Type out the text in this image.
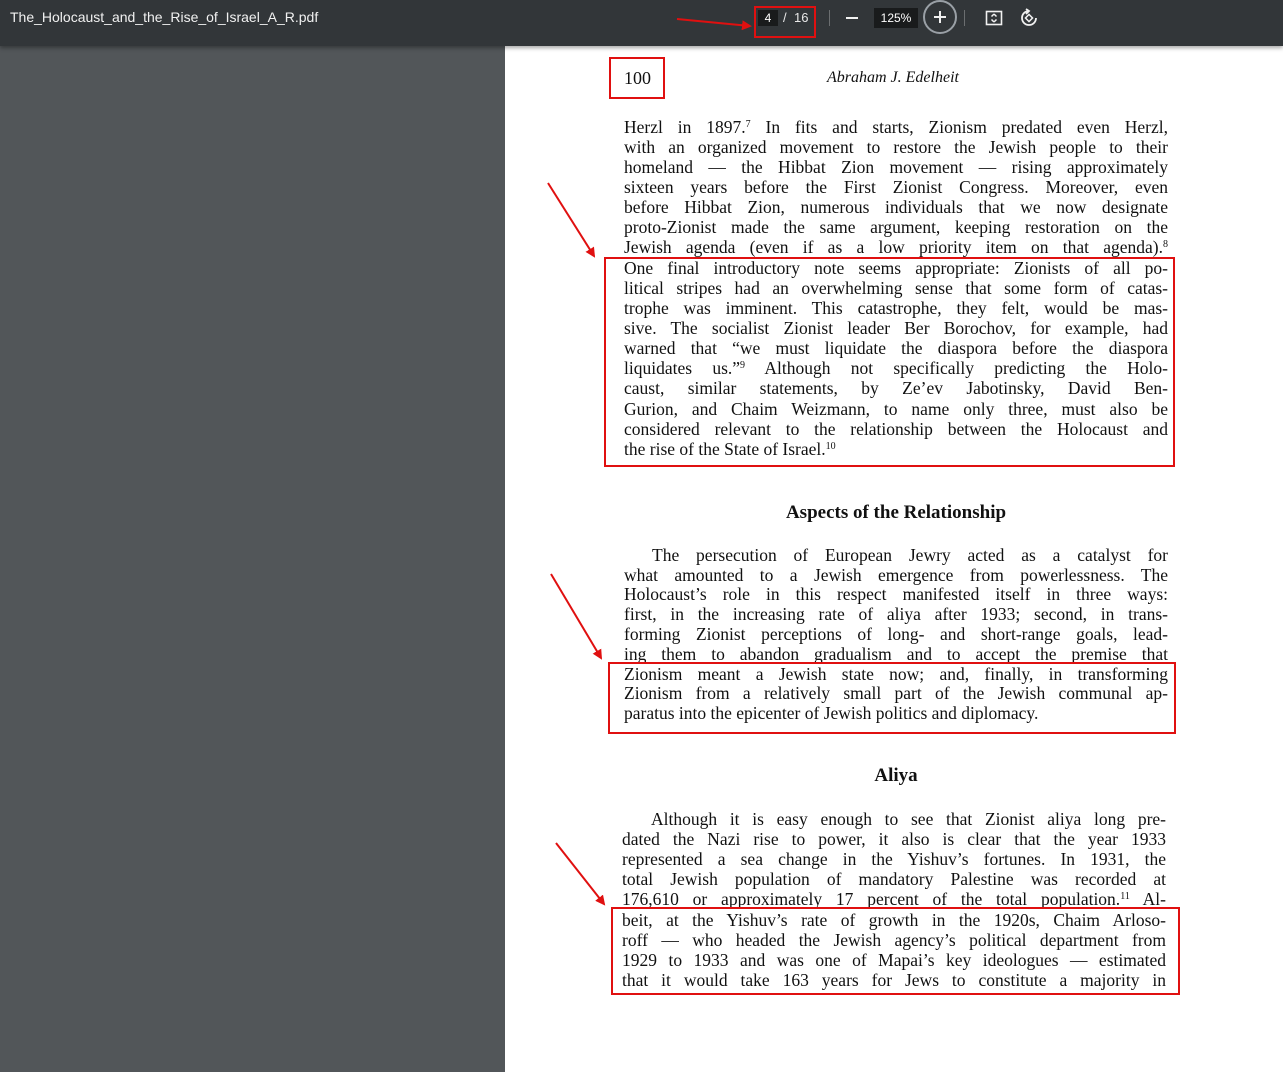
The_Holocaust_and_the_Rise_of_Israel_A_R.pdf	4 / 16	125%
100	Abraham J. Edelheit
Herzl in 1897.$^7$ In fits and starts, Zionism predated even Herzl,
with an organized movement to restore the Jewish people to their
homeland — the Hibbat Zion movement — rising approximately
sixteen years before the First Zionist Congress. Moreover, even
before Hibbat Zion, numerous individuals that we now designate
proto-Zionist made the same argument, keeping restoration on the
Jewish agenda (even if as a low priority item on that agenda).$^8$
One final introductory note seems appropriate: Zionists of all po-
litical stripes had an overwhelming sense that some form of catas-
trophe was imminent. This catastrophe, they felt, would be mas-
sive. The socialist Zionist leader Ber Borochov, for example, had
warned that “we must liquidate the diaspora before the diaspora
liquidates us.”$^9$ Although not specifically predicting the Holo-
caust, similar statements, by Ze’ev Jabotinsky, David Ben-
Gurion, and Chaim Weizmann, to name only three, must also be
considered relevant to the relationship between the Holocaust and
the rise of the State of Israel.$^{10}$
Aspects of the Relationship
The persecution of European Jewry acted as a catalyst for
what amounted to a Jewish emergence from powerlessness. The
Holocaust’s role in this respect manifested itself in three ways:
first, in the increasing rate of aliya after 1933; second, in trans-
forming Zionist perceptions of long- and short-range goals, lead-
ing them to abandon gradualism and to accept the premise that
Zionism meant a Jewish state now; and, finally, in transforming
Zionism from a relatively small part of the Jewish communal ap-
paratus into the epicenter of Jewish politics and diplomacy.
Aliya
Although it is easy enough to see that Zionist aliya long pre-
dated the Nazi rise to power, it also is clear that the year 1933
represented a sea change in the Yishuv’s fortunes. In 1931, the
total Jewish population of mandatory Palestine was recorded at
176,610 or approximately 17 percent of the total population.$^{11}$ Al-
beit, at the Yishuv’s rate of growth in the 1920s, Chaim Arloso-
roff — who headed the Jewish agency’s political department from
1929 to 1933 and was one of Mapai’s key ideologues — estimated
that it would take 163 years for Jews to constitute a majority in
